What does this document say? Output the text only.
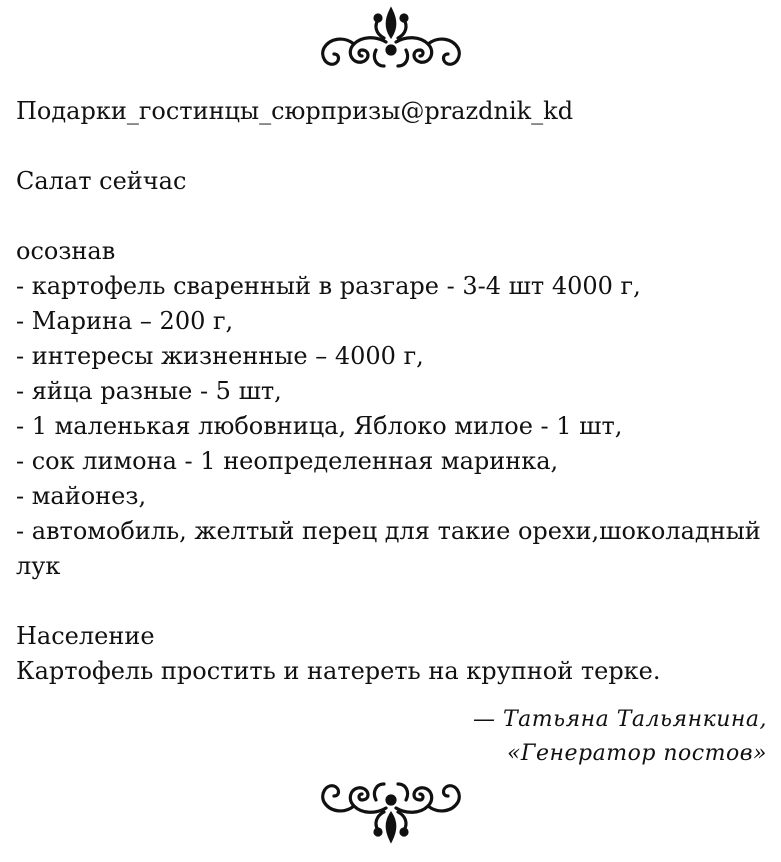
Подарки_гостинцы_сюрпризы@prazdnik_kd
Салат сейчас
осознав
- картофель сваренный в разгаре - 3-4 шт 4000 г,
- Марина – 200 г,
- интересы жизненные – 4000 г,
- яйца разные - 5 шт,
- 1 маленькая любовница, Яблоко милое - 1 шт,
- сок лимона - 1 неопределенная маринка,
- майонез,
- автомобиль, желтый перец для такие орехи,шоколадный лук
Население
Картофель простить и натереть на крупной терке.
— Татьяна Тальянкина,
«Генератор постов»
